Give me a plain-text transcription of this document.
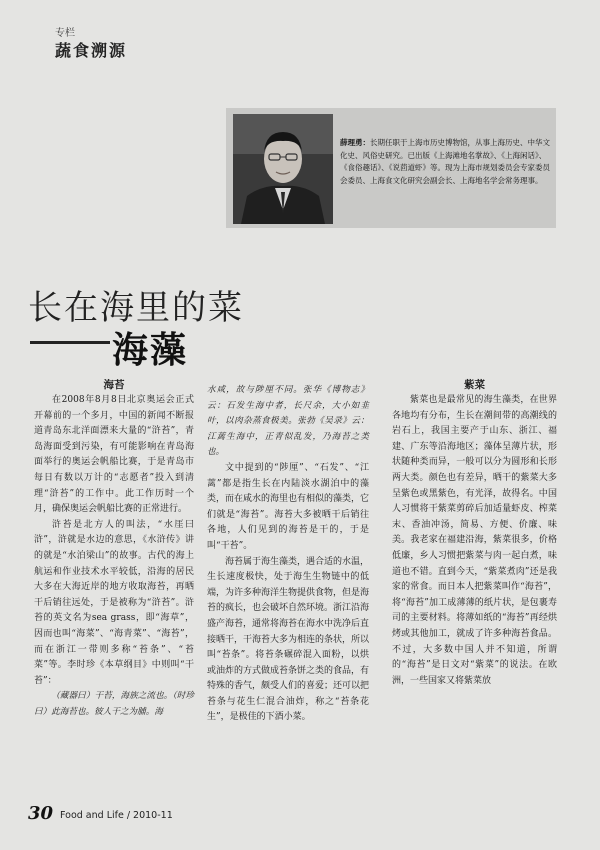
专栏
蔬食溯源

薛理勇：长期任职于上海市历史博物馆，从事上海历史、中华文化史、风俗史研究。已出版《上海滩地名掌故》、《上海闲话》、《食俗趣话》、《说茴道虾》等。现为上海市规划委员会专家委员会委员、上海食文化研究会副会长、上海地名学会常务理事。

长在海里的菜
海藻

海苔

在2008年8月8日北京奥运会正式开幕前的一个多月，中国的新闻不断报道青岛东北洋面漂来大量的“浒苔”，青岛海面受到污染，有可能影响在青岛海面举行的奥运会帆船比赛，于是青岛市每日有数以万计的“志愿者”投入到清理“浒苔”的工作中。此工作历时一个月，确保奥运会帆船比赛的正常进行。

浒苔是北方人的叫法，“水厓曰浒”，浒就是水边的意思，《水浒传》讲的就是“水泊梁山”的故事。古代的海上航运和作业技术水平较低，沿海的居民大多在大海近岸的地方收取海苔，再晒干后销往远处，于是被称为“浒苔”。浒苔的英文名为sea grass，即“海草”，因而也叫“海菜”、“海青菜”、“海苔”，而在浙江一带则多称“苔条”、“苔菜”等。李时珍《本草纲目》中则叫“干苔”：

（藏器曰）干苔，海族之流也。（时珍曰）此海苔也。彼人干之为脯。海

水咸，故与陟厘不同。张华《博物志》云：石发生海中者，长尺余，大小如韭叶，以肉杂蒸食极美。张勃《吴录》云：江蓠生海中，正青似乱发，乃海苔之类也。

文中提到的“陟厘”、“石发”、“江蓠”都是指生长在内陆淡水湖泊中的藻类，而在咸水的海里也有相似的藻类，它们就是“海苔”。海苔大多被晒干后销往各地，人们见到的海苔是干的，于是叫“干苔”。

海苔属于海生藻类，遇合适的水温，生长速度极快，处于海生生物链中的低端，为许多种海洋生物提供食物，但是海苔的疯长，也会破坏自然环境。浙江沿海盛产海苔，通常将海苔在海水中洗净后直接晒干，干海苔大多为相连的条状，所以叫“苔条”。将苔条碾碎混入面粉，以烘或油炸的方式做成苔条饼之类的食品，有特殊的香气，颇受人们的喜爱；还可以把苔条与花生仁混合油炸，称之“苔条花生”，是极佳的下酒小菜。

紫菜

紫菜也是最常见的海生藻类，在世界各地均有分布，生长在潮间带的高潮线的岩石上，我国主要产于山东、浙江、福建、广东等沿海地区；藻体呈薄片状，形状随种类而异，一般可以分为圆形和长形两大类。颜色也有差异，晒干的紫菜大多呈紫色或黑紫色，有光泽，故得名。中国人习惯将干紫菜剪碎后加适量虾皮、榨菜末、香油冲汤，简易、方便、价廉、味美。我老家在福建沿海，紫菜很多，价格低廉，乡人习惯把紫菜与肉一起白煮，味道也不错。直到今天，“紫菜煮肉”还是我家的常食。而日本人把紫菜叫作“海苔”，将“海苔”加工成薄薄的纸片状，是包裹寿司的主要材料。将薄如纸的“海苔”再经烘烤或其他加工，就成了许多种海苔食品。不过，大多数中国人并不知道，所谓的“海苔”是日文对“紫菜”的说法。在欧洲，一些国家又将紫菜放

30 Food and Life / 2010-11
